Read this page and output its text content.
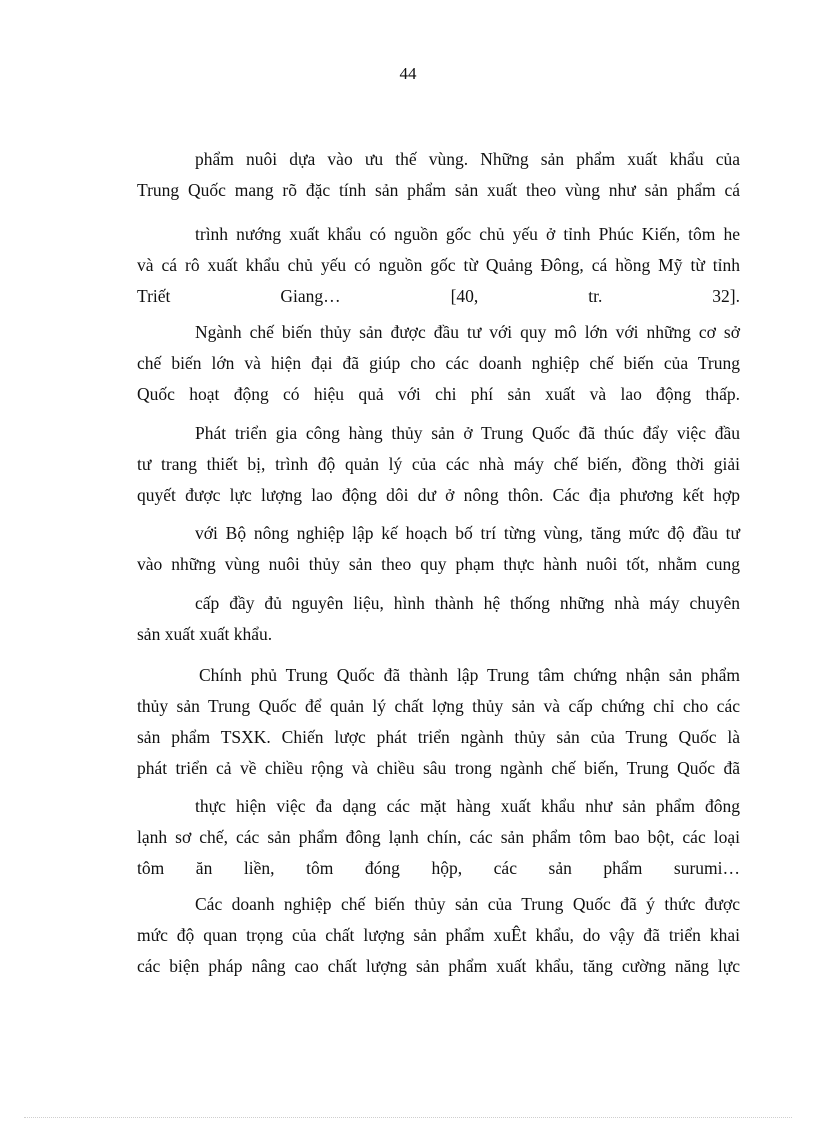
44

phẩm nuôi dựa vào ưu thế vùng. Những sản phẩm xuất khẩu của

Trung Quốc mang rõ đặc tính sản phẩm sản xuất theo vùng như sản phẩm cá

trình nướng xuất khẩu có nguồn gốc chủ yếu ở tỉnh Phúc Kiến, tôm he

và cá rô xuất khẩu chủ yếu có nguồn gốc từ Quảng Đông, cá hồng Mỹ từ tỉnh

Triết Giang… [40, tr. 32].

Ngành chế biến thủy sản được đầu tư với quy mô lớn với những cơ sở

chế biến lớn và hiện đại đã giúp cho các doanh nghiệp chế biến của Trung

Quốc hoạt động có hiệu quả với chi phí sản xuất và lao động thấp.

Phát triển gia công hàng thủy sản ở Trung Quốc đã thúc đẩy việc đầu

tư trang thiết bị, trình độ quản lý của các nhà máy chế biến, đồng thời giải

quyết được lực lượng lao động dôi dư ở nông thôn. Các địa phương kết hợp

với Bộ nông nghiệp lập kế hoạch bố trí từng vùng, tăng mức độ đầu tư

vào những vùng nuôi thủy sản theo quy phạm thực hành nuôi tốt, nhằm cung

cấp đầy đủ nguyên liệu, hình thành hệ thống những nhà máy chuyên

sản xuất xuất khẩu.

Chính phủ Trung Quốc đã thành lập Trung tâm chứng nhận sản phẩm

thủy sản Trung Quốc để quản lý chất lợng thủy sản và cấp chứng chỉ cho các

sản phẩm TSXK. Chiến lược phát triển ngành thủy sản của Trung Quốc là

phát triển cả về chiều rộng và chiều sâu trong ngành chế biến, Trung Quốc đã

thực hiện việc đa dạng các mặt hàng xuất khẩu như sản phẩm đông

lạnh sơ chế, các sản phẩm đông lạnh chín, các sản phẩm tôm bao bột, các loại

tôm ăn liền, tôm đóng hộp, các sản phẩm surumi…

Các doanh nghiệp chế biến thủy sản của Trung Quốc đã ý thức được

mức độ quan trọng của chất lượng sản phẩm xuÊt khẩu, do vậy đã triển khai

các biện pháp nâng cao chất lượng sản phẩm xuất khẩu, tăng cường năng lực
